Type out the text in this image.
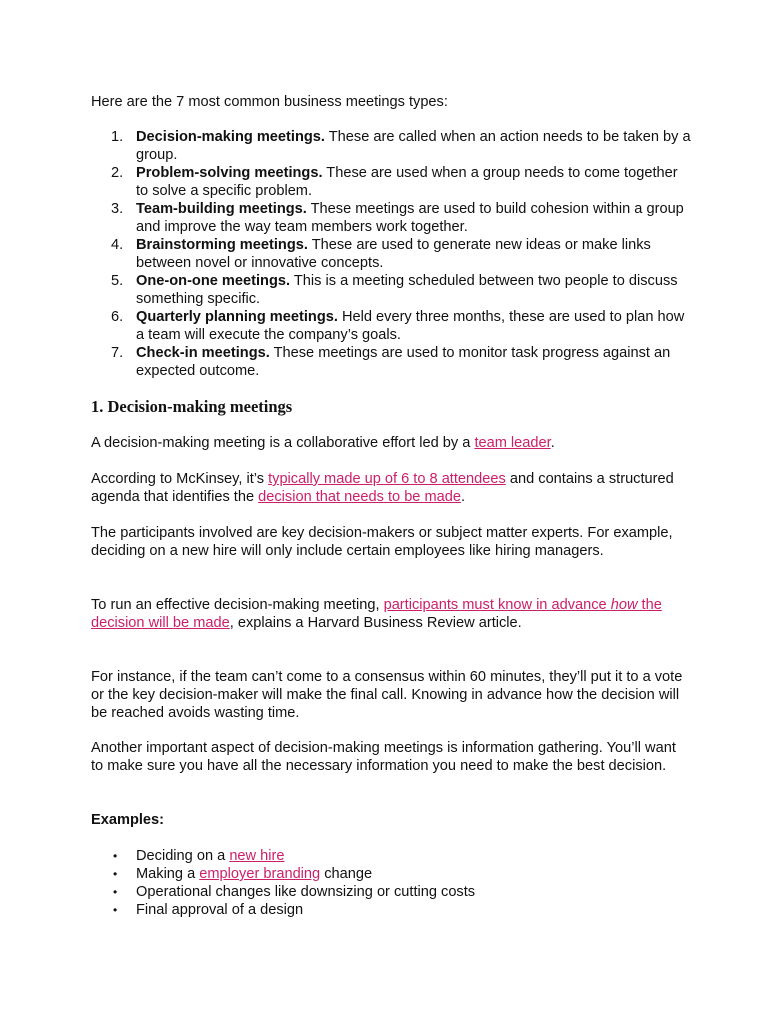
Here are the 7 most common business meetings types:

1. Decision-making meetings. These are called when an action needs to be taken by a group.
2. Problem-solving meetings. These are used when a group needs to come together to solve a specific problem.
3. Team-building meetings. These meetings are used to build cohesion within a group and improve the way team members work together.
4. Brainstorming meetings. These are used to generate new ideas or make links between novel or innovative concepts.
5. One-on-one meetings. This is a meeting scheduled between two people to discuss something specific.
6. Quarterly planning meetings. Held every three months, these are used to plan how a team will execute the company’s goals.
7. Check-in meetings. These meetings are used to monitor task progress against an expected outcome.
1. Decision-making meetings

A decision-making meeting is a collaborative effort led by a team leader.

According to McKinsey, it’s typically made up of 6 to 8 attendees and contains a structured agenda that identifies the decision that needs to be made.

The participants involved are key decision-makers or subject matter experts. For example, deciding on a new hire will only include certain employees like hiring managers.

To run an effective decision-making meeting, participants must know in advance how the decision will be made, explains a Harvard Business Review article.

For instance, if the team can’t come to a consensus within 60 minutes, they’ll put it to a vote or the key decision-maker will make the final call. Knowing in advance how the decision will be reached avoids wasting time.

Another important aspect of decision-making meetings is information gathering. You’ll want to make sure you have all the necessary information you need to make the best decision.

Examples:

• Deciding on a new hire
• Making a employer branding change
• Operational changes like downsizing or cutting costs
• Final approval of a design
